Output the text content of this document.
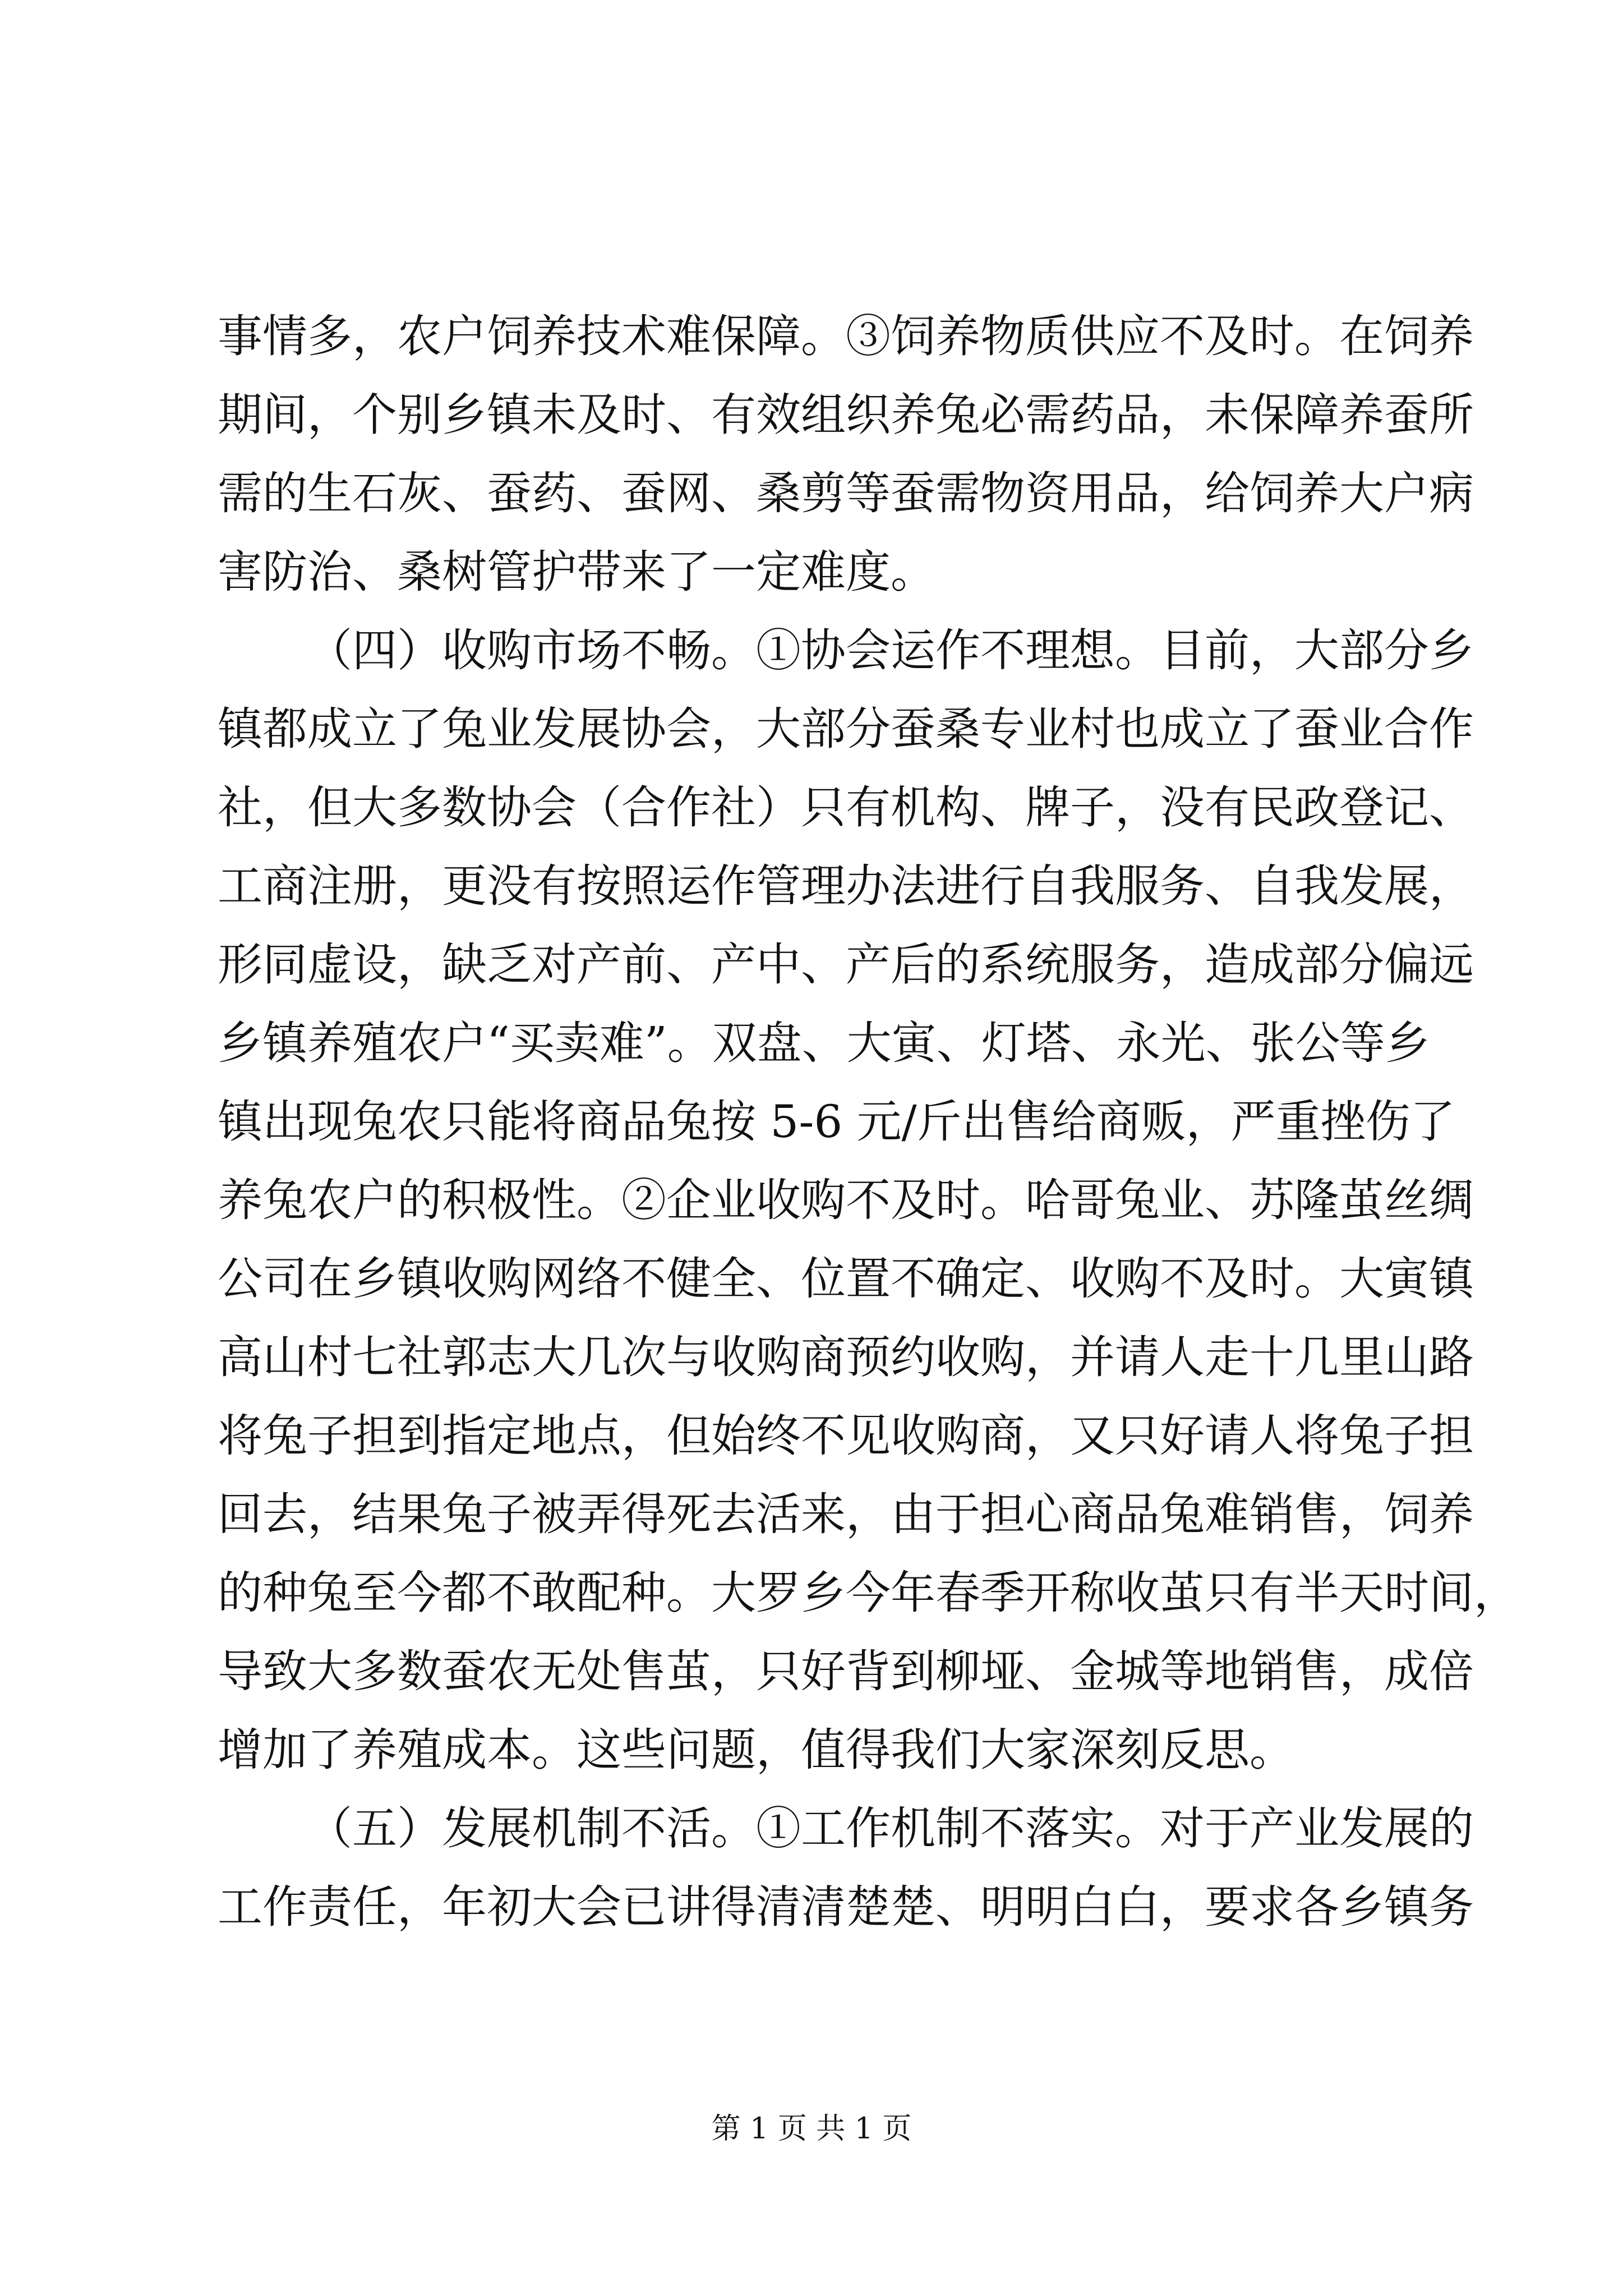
事情多，农户饲养技术难保障。③饲养物质供应不及时。在饲养
期间，个别乡镇未及时、有效组织养兔必需药品，未保障养蚕所
需的生石灰、蚕药、蚕网、桑剪等蚕需物资用品，给饲养大户病
害防治、桑树管护带来了一定难度。
（四）收购市场不畅。①协会运作不理想。目前，大部分乡
镇都成立了兔业发展协会，大部分蚕桑专业村也成立了蚕业合作
社，但大多数协会（合作社）只有机构、牌子，没有民政登记、
工商注册，更没有按照运作管理办法进行自我服务、自我发展，
形同虚设，缺乏对产前、产中、产后的系统服务，造成部分偏远
乡镇养殖农户“买卖难”。双盘、大寅、灯塔、永光、张公等乡
镇出现兔农只能将商品兔按 5-6 元/斤出售给商贩，严重挫伤了
养兔农户的积极性。②企业收购不及时。哈哥兔业、苏隆茧丝绸
公司在乡镇收购网络不健全、位置不确定、收购不及时。大寅镇
高山村七社郭志大几次与收购商预约收购，并请人走十几里山路
将兔子担到指定地点，但始终不见收购商，又只好请人将兔子担
回去，结果兔子被弄得死去活来，由于担心商品兔难销售，饲养
的种兔至今都不敢配种。大罗乡今年春季开称收茧只有半天时间，
导致大多数蚕农无处售茧，只好背到柳垭、金城等地销售，成倍
增加了养殖成本。这些问题，值得我们大家深刻反思。
（五）发展机制不活。①工作机制不落实。对于产业发展的
工作责任，年初大会已讲得清清楚楚、明明白白，要求各乡镇务
第 1 页 共 1 页
